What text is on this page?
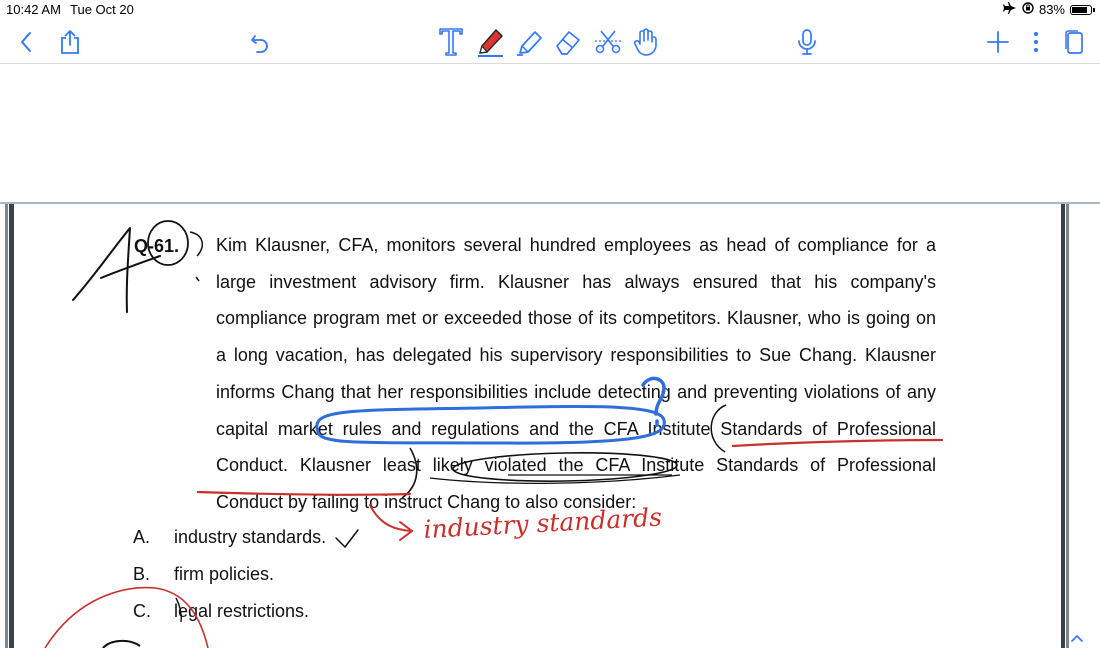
10:42 AM Tue Oct 20	83%
Q-61. Kim Klausner, CFA, monitors several hundred employees as head of compliance for a large investment advisory firm. Klausner has always ensured that his company's compliance program met or exceeded those of its competitors. Klausner, who is going on a long vacation, has delegated his supervisory responsibilities to Sue Chang. Klausner informs Chang that her responsibilities include detecting and preventing violations of any capital market rules and regulations and the CFA Institute Standards of Professional Conduct. Klausner least likely violated the CFA Institute Standards of Professional Conduct by failing to instruct Chang to also consider:
A. industry standards.
B. firm policies.
C. legal restrictions.
industry standards
